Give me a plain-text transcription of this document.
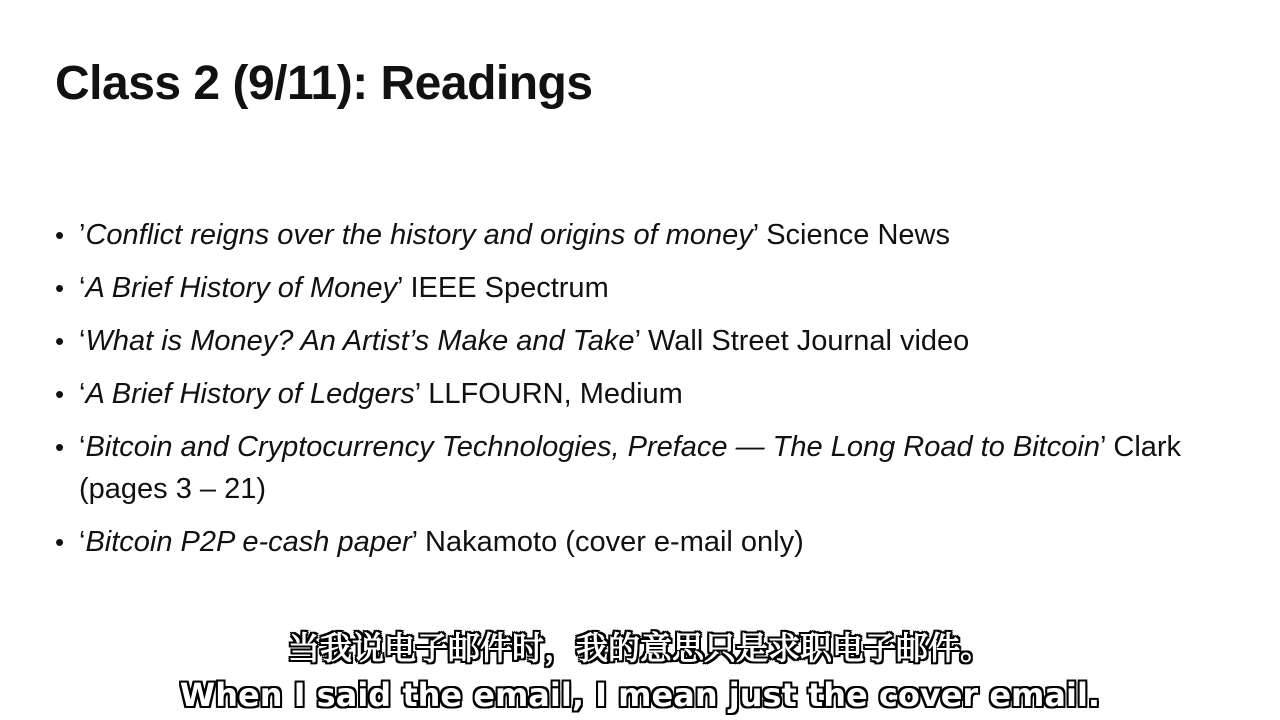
Class 2 (9/11): Readings
• ’Conflict reigns over the history and origins of money’ Science News
• ‘A Brief History of Money’ IEEE Spectrum
• ‘What is Money? An Artist’s Make and Take’ Wall Street Journal video
• ‘A Brief History of Ledgers’ LLFOURN, Medium
• ‘Bitcoin and Cryptocurrency Technologies, Preface — The Long Road to Bitcoin’ Clark (pages 3 – 21)
• ‘Bitcoin P2P e-cash paper’ Nakamoto (cover e-mail only)
当我说电子邮件时，我的意思只是求职电子邮件。
When I said the email, I mean just the cover email.
